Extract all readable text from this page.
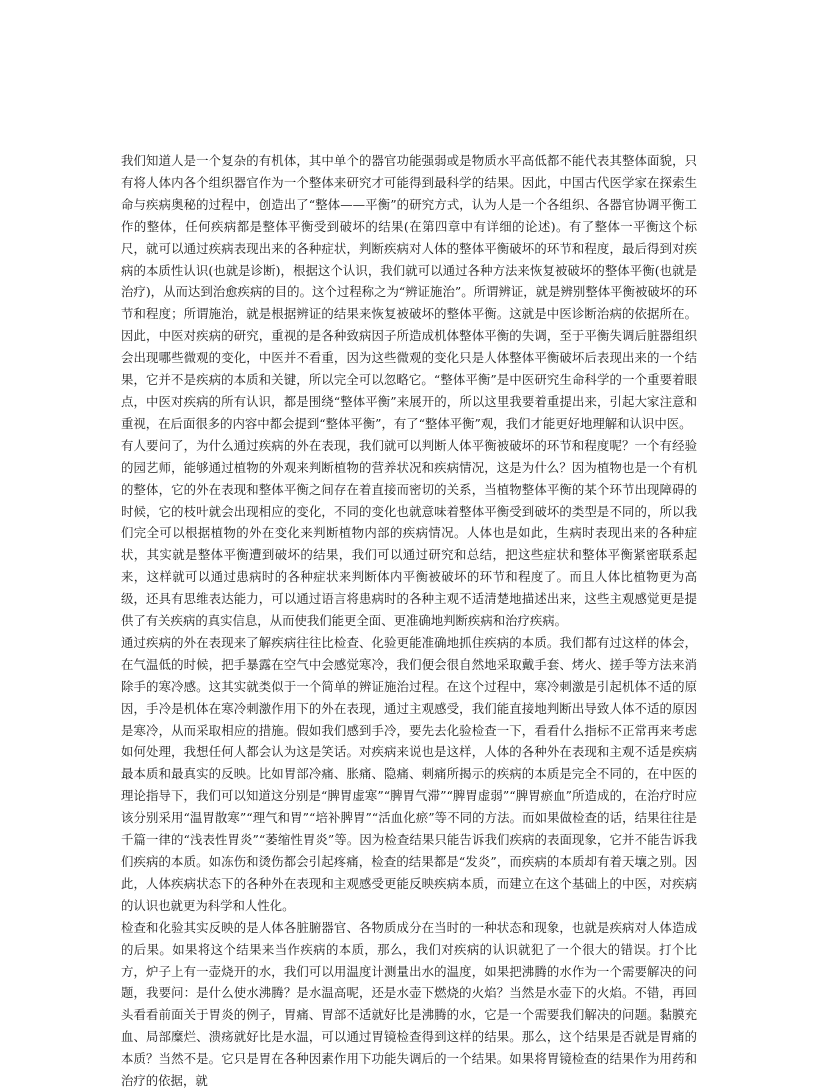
我们知道人是一个复杂的有机体，其中单个的器官功能强弱或是物质水平高低都不能代表其整体面貌，只有将人体内各个组织器官作为一个整体来研究才可能得到最科学的结果。因此，中国古代医学家在探索生命与疾病奥秘的过程中，创造出了“整体——平衡”的研究方式，认为人是一个各组织、各器官协调平衡工作的整体，任何疾病都是整体平衡受到破坏的结果(在第四章中有详细的论述)。有了整体一平衡这个标尺，就可以通过疾病表现出来的各种症状，判断疾病对人体的整体平衡破坏的环节和程度，最后得到对疾病的本质性认识(也就是诊断)，根据这个认识，我们就可以通过各种方法来恢复被破坏的整体平衡(也就是治疗)，从而达到治愈疾病的目的。这个过程称之为“辨证施治”。所谓辨证，就是辨别整体平衡被破坏的环节和程度；所谓施治，就是根据辨证的结果来恢复被破坏的整体平衡。这就是中医诊断治病的依据所在。因此，中医对疾病的研究，重视的是各种致病因子所造成机体整体平衡的失调，至于平衡失调后脏器组织会出现哪些微观的变化，中医并不看重，因为这些微观的变化只是人体整体平衡破坏后表现出来的一个结果，它并不是疾病的本质和关键，所以完全可以忽略它。“整体平衡”是中医研究生命科学的一个重要着眼点，中医对疾病的所有认识，都是围绕“整体平衡”来展开的，所以这里我要着重提出来，引起大家注意和重视，在后面很多的内容中都会提到“整体平衡”，有了“整体平衡”观，我们才能更好地理解和认识中医。

有人要问了，为什么通过疾病的外在表现，我们就可以判断人体平衡被破坏的环节和程度呢？一个有经验的园艺师，能够通过植物的外观来判断植物的营养状况和疾病情况，这是为什么？因为植物也是一个有机的整体，它的外在表现和整体平衡之间存在着直接而密切的关系，当植物整体平衡的某个环节出现障碍的时候，它的枝叶就会出现相应的变化，不同的变化也就意味着整体平衡受到破坏的类型是不同的，所以我们完全可以根据植物的外在变化来判断植物内部的疾病情况。人体也是如此，生病时表现出来的各种症状，其实就是整体平衡遭到破坏的结果，我们可以通过研究和总结，把这些症状和整体平衡紧密联系起来，这样就可以通过患病时的各种症状来判断体内平衡被破坏的环节和程度了。而且人体比植物更为高级，还具有思维表达能力，可以通过语言将患病时的各种主观不适清楚地描述出来，这些主观感觉更是提供了有关疾病的真实信息，从而使我们能更全面、更准确地判断疾病和治疗疾病。

通过疾病的外在表现来了解疾病往往比检查、化验更能准确地抓住疾病的本质。我们都有过这样的体会，在气温低的时候，把手暴露在空气中会感觉寒冷，我们便会很自然地采取戴手套、烤火、搓手等方法来消除手的寒冷感。这其实就类似于一个简单的辨证施治过程。在这个过程中，寒冷刺激是引起机体不适的原因，手冷是机体在寒冷刺激作用下的外在表现，通过主观感受，我们能直接地判断出导致人体不适的原因是寒冷，从而采取相应的措施。假如我们感到手冷，要先去化验检查一下，看看什么指标不正常再来考虑如何处理，我想任何人都会认为这是笑话。对疾病来说也是这样，人体的各种外在表现和主观不适是疾病最本质和最真实的反映。比如胃部冷痛、胀痛、隐痛、刺痛所揭示的疾病的本质是完全不同的，在中医的理论指导下，我们可以知道这分别是“脾胃虚寒”“脾胃气滞”“脾胃虚弱”“脾胃瘀血”所造成的，在治疗时应该分别采用“温胃散寒”“理气和胃”“培补脾胃”“活血化瘀”等不同的方法。而如果做检查的话，结果往往是千篇一律的“浅表性胃炎”“萎缩性胃炎”等。因为检查结果只能告诉我们疾病的表面现象，它并不能告诉我们疾病的本质。如冻伤和烫伤都会引起疼痛，检查的结果都是“发炎”，而疾病的本质却有着天壤之别。因此，人体疾病状态下的各种外在表现和主观感受更能反映疾病本质，而建立在这个基础上的中医，对疾病的认识也就更为科学和人性化。

检查和化验其实反映的是人体各脏腑器官、各物质成分在当时的一种状态和现象，也就是疾病对人体造成的后果。如果将这个结果来当作疾病的本质，那么，我们对疾病的认识就犯了一个很大的错误。打个比方，炉子上有一壶烧开的水，我们可以用温度计测量出水的温度，如果把沸腾的水作为一个需要解决的问题，我要问：是什么使水沸腾？是水温高呢，还是水壶下燃烧的火焰？当然是水壶下的火焰。不错，再回头看看前面关于胃炎的例子，胃痛、胃部不适就好比是沸腾的水，它是一个需要我们解决的问题。黏膜充血、局部糜烂、溃疡就好比是水温，可以通过胃镜检查得到这样的结果。那么，这个结果是否就是胃痛的本质？当然不是。它只是胃在各种因素作用下功能失调后的一个结果。如果将胃镜检查的结果作为用药和治疗的依据，就
